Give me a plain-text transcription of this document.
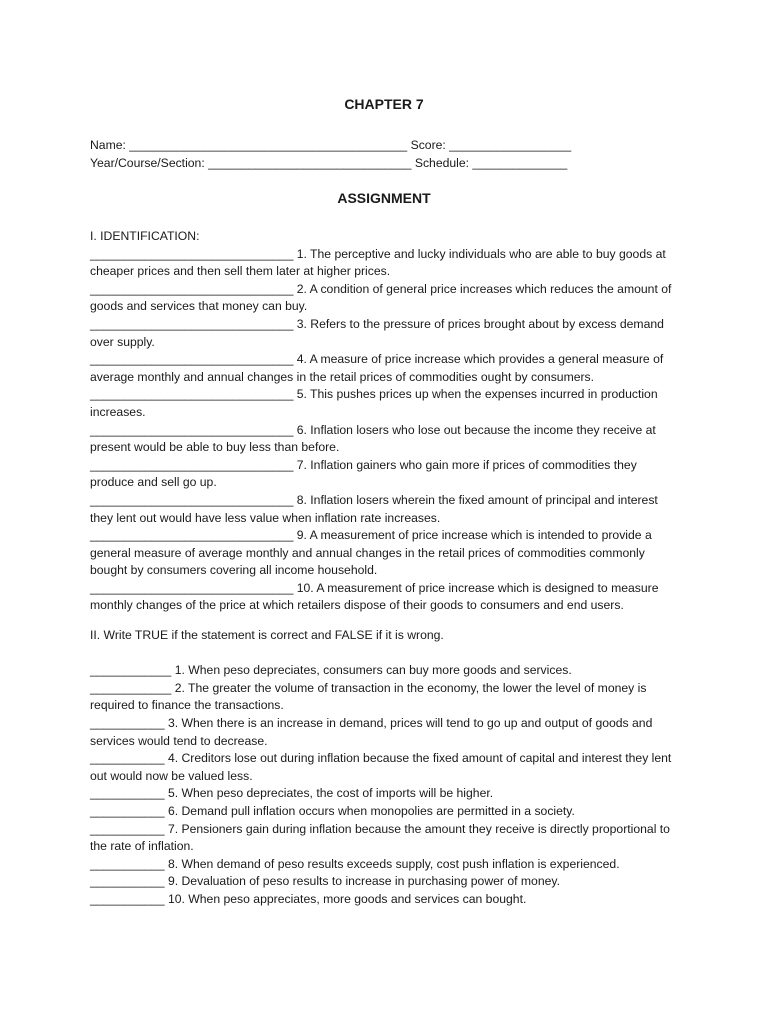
CHAPTER 7
Name: _________________________________________ Score: __________________
Year/Course/Section: ______________________________ Schedule: ______________
ASSIGNMENT

I. IDENTIFICATION:

______________________________ 1. The perceptive and lucky individuals who are able to buy goods at cheaper prices and then sell them later at higher prices.

______________________________ 2. A condition of general price increases which reduces the amount of goods and services that money can buy.

______________________________ 3. Refers to the pressure of prices brought about by excess demand over supply.

______________________________ 4. A measure of price increase which provides a general measure of average monthly and annual changes in the retail prices of commodities ought by consumers.

______________________________ 5. This pushes prices up when the expenses incurred in production increases.

______________________________ 6. Inflation losers who lose out because the income they receive at present would be able to buy less than before.

______________________________ 7. Inflation gainers who gain more if prices of commodities they produce and sell go up.

______________________________ 8. Inflation losers wherein the fixed amount of principal and interest they lent out would have less value when inflation rate increases.

______________________________ 9. A measurement of price increase which is intended to provide a general measure of average monthly and annual changes in the retail prices of commodities commonly bought by consumers covering all income household.

______________________________ 10. A measurement of price increase which is designed to measure monthly changes of the price at which retailers dispose of their goods to consumers and end users.

II. Write TRUE if the statement is correct and FALSE if it is wrong.

____________ 1. When peso depreciates, consumers can buy more goods and services.

____________ 2. The greater the volume of transaction in the economy, the lower the level of money is required to finance the transactions.

___________ 3. When there is an increase in demand, prices will tend to go up and output of goods and services would tend to decrease.

___________ 4. Creditors lose out during inflation because the fixed amount of capital and interest they lent out would now be valued less.

___________ 5. When peso depreciates, the cost of imports will be higher.

___________ 6. Demand pull inflation occurs when monopolies are permitted in a society.

___________ 7. Pensioners gain during inflation because the amount they receive is directly proportional to the rate of inflation.

___________ 8. When demand of peso results exceeds supply, cost push inflation is experienced.

___________ 9. Devaluation of peso results to increase in purchasing power of money.

___________ 10. When peso appreciates, more goods and services can bought.
